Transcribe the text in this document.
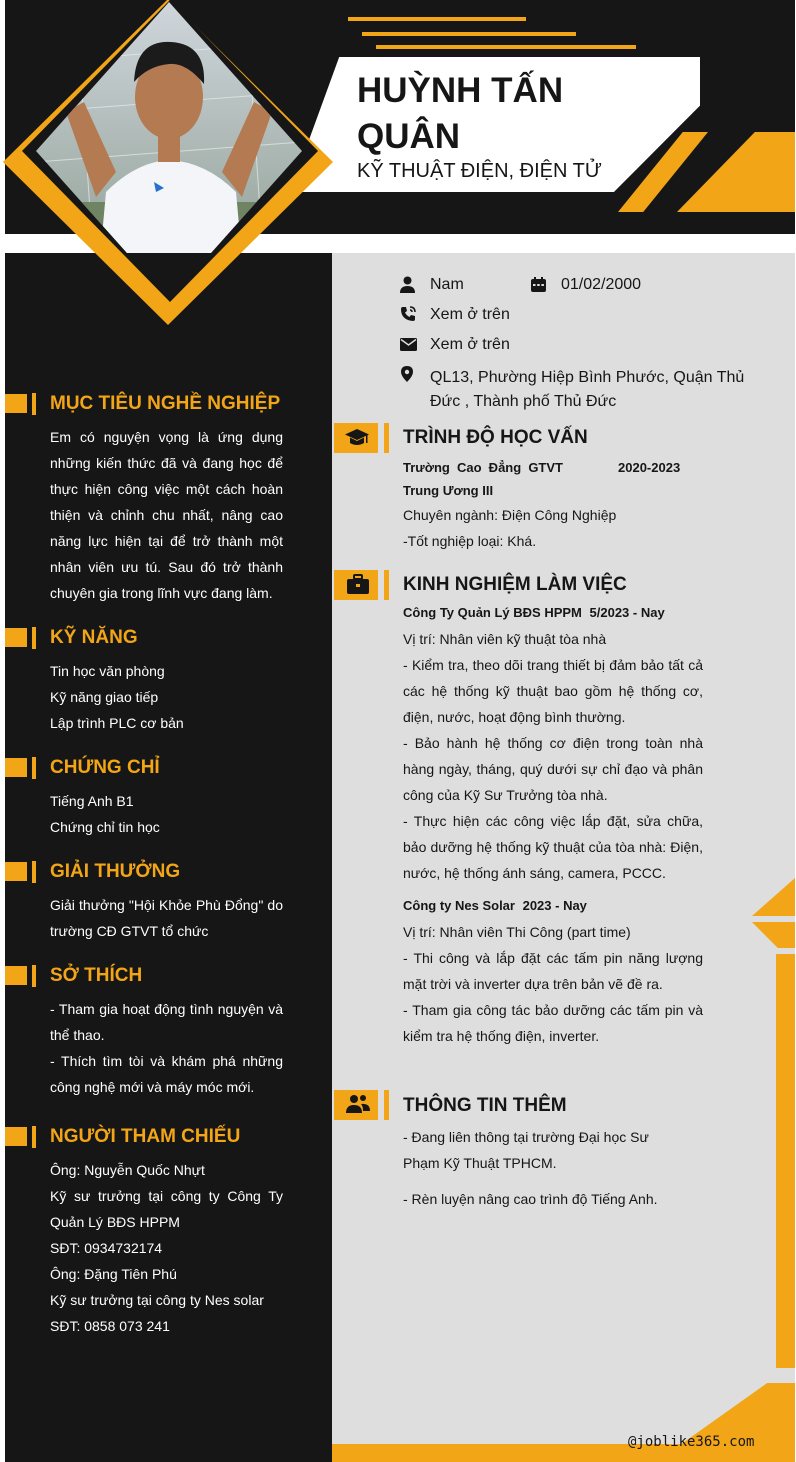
HUỲNH TẤN
QUÂN
KỸ THUẬT ĐIỆN, ĐIỆN TỬ
MỤC TIÊU NGHỀ NGHIỆP
Em có nguyện vọng là ứng dụng những kiến thức đã và đang học để thực hiện công việc một cách hoàn thiện và chỉnh chu nhất, nâng cao năng lực hiện tại để trở thành một nhân viên ưu tú. Sau đó trở thành chuyên gia trong lĩnh vực đang làm.
KỸ NĂNG
Tin học văn phòng
Kỹ năng giao tiếp
Lập trình PLC cơ bản
CHỨNG CHỈ
Tiếng Anh B1
Chứng chỉ tin học
GIẢI THƯỞNG
Giải thưởng "Hội Khỏe Phù Đổng" do trường CĐ GTVT tổ chức
SỞ THÍCH
- Tham gia hoạt động tình nguyện và thể thao.
- Thích tìm tòi và khám phá những công nghệ mới và máy móc mới.
NGƯỜI THAM CHIẾU
Ông: Nguyễn Quốc Nhựt
Kỹ sư trưởng tại công ty Công Ty Quản Lý BĐS HPPM
SĐT: 0934732174
Ông: Đặng Tiên Phú
Kỹ sư trưởng tại công ty Nes solar
SĐT: 0858 073 241
Nam	01/02/2000
Xem ở trên
Xem ở trên
QL13, Phường Hiệp Bình Phước, Quận Thủ Đức , Thành phố Thủ Đức
TRÌNH ĐỘ HỌC VẤN
Trường Cao Đẳng GTVT Trung Ương III
2020-2023
Chuyên ngành: Điện Công Nghiệp
-Tốt nghiệp loại: Khá.
KINH NGHIỆM LÀM VIỆC
Công Ty Quản Lý BĐS HPPM 5/2023 - Nay
Vị trí: Nhân viên kỹ thuật tòa nhà
- Kiểm tra, theo dõi trang thiết bị đảm bảo tất cả các hệ thống kỹ thuật bao gồm hệ thống cơ, điện, nước, hoạt động bình thường.
- Bảo hành hệ thống cơ điện trong toàn nhà hàng ngày, tháng, quý dưới sự chỉ đạo và phân công của Kỹ Sư Trưởng tòa nhà.
- Thực hiện các công việc lắp đặt, sửa chữa, bảo dưỡng hệ thống kỹ thuật của tòa nhà: Điện, nước, hệ thống ánh sáng, camera, PCCC.
Công ty Nes Solar 2023 - Nay
Vị trí: Nhân viên Thi Công (part time)
- Thi công và lắp đặt các tấm pin năng lượng mặt trời và inverter dựa trên bản vẽ đề ra.
- Tham gia công tác bảo dưỡng các tấm pin và kiểm tra hệ thống điện, inverter.
THÔNG TIN THÊM
- Đang liên thông tại trường Đại học Sư Phạm Kỹ Thuật TPHCM.
- Rèn luyện nâng cao trình độ Tiếng Anh.
@joblike365.com
